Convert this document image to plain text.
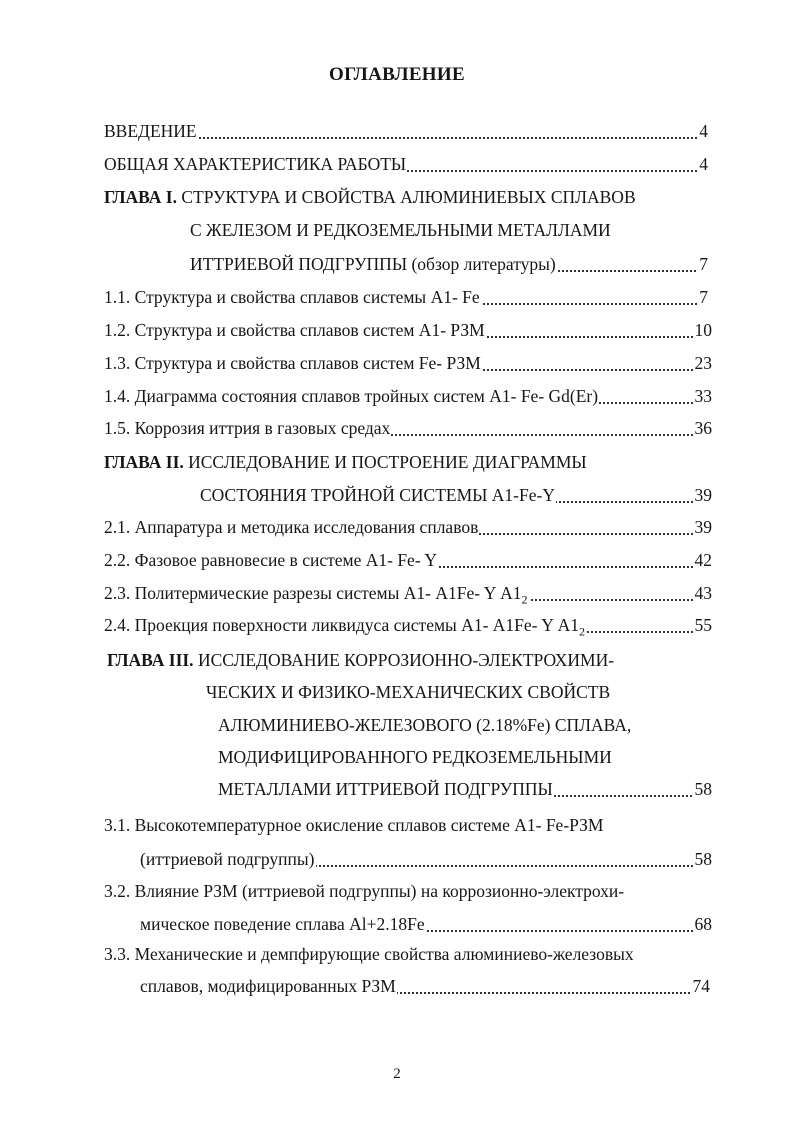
ОГЛАВЛЕНИЕ
ВВЕДЕНИЕ	4
ОБЩАЯ ХАРАКТЕРИСТИКА РАБОТЫ	4
ГЛАВА I. СТРУКТУРА И СВОЙСТВА АЛЮМИНИЕВЫХ СПЛАВОВ
С ЖЕЛЕЗОМ И РЕДКОЗЕМЕЛЬНЫМИ МЕТАЛЛАМИ
ИТТРИЕВОЙ ПОДГРУППЫ (обзор литературы)	7
1.1. Структура и свойства сплавов системы А1- Fe	7
1.2. Структура и свойства сплавов систем А1- РЗМ	10
1.3. Структура и свойства сплавов систем Fe- РЗМ	23
1.4. Диаграмма состояния сплавов тройных систем А1- Fe- Gd(Er)	33
1.5. Коррозия иттрия в газовых средах	36
ГЛАВА II. ИССЛЕДОВАНИЕ И ПОСТРОЕНИЕ ДИАГРАММЫ
СОСТОЯНИЯ ТРОЙНОЙ СИСТЕМЫ А1-Fe-Y	39
2.1. Аппаратура и методика исследования сплавов	39
2.2. Фазовое равновесие в системе А1- Fe- Y	42
2.3. Политермические разрезы системы А1- А1Fe- Y $А1_2$	43
2.4. Проекция поверхности ликвидуса системы А1- А1Fe- Y $А1_2$	55
ГЛАВА III. ИССЛЕДОВАНИЕ КОРРОЗИОННО-ЭЛЕКТРОХИМИ-
ЧЕСКИХ И ФИЗИКО-МЕХАНИЧЕСКИХ СВОЙСТВ
АЛЮМИНИЕВО-ЖЕЛЕЗОВОГО (2.18%Fe) СПЛАВА,
МОДИФИЦИРОВАННОГО РЕДКОЗЕМЕЛЬНЫМИ
МЕТАЛЛАМИ ИТТРИЕВОЙ ПОДГРУППЫ	58
3.1. Высокотемпературное окисление сплавов системе А1- Fe-РЗМ
(иттриевой подгруппы)	58
3.2. Влияние РЗМ (иттриевой подгруппы) на коррозионно-электрохи-
мическое поведение сплава Al+2.18Fe	68
3.3. Механические и демпфирующие свойства алюминиево-железовых
сплавов, модифицированных РЗМ	74
2
